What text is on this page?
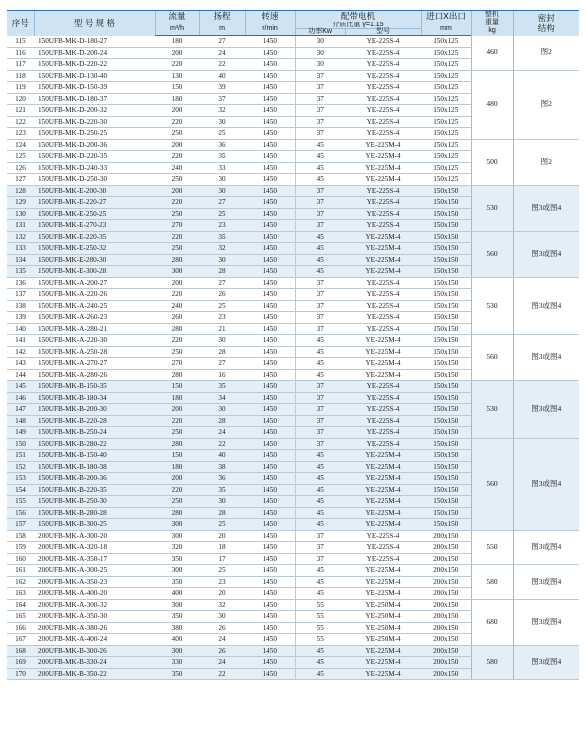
序号	型 号 规 格	流量	扬程	转速	配带电机		进口X出口	整机
重量
kg	密封
结构
		m³/h	m	r/min	介质比重 γ=1.15
功率Kw 型号		mm		
115	150UFB-MK-D-180-27	180	27	1450	30	YE-225S-4	150x125	460	图2
116	150UFB-MK-D-200-24	200	24	1450	30	YE-225S-4	150x125		
117	150UFB-MK-D-220-22	220	22	1450	30	YE-225S-4	150x125		
118	150UFB-MK-D-130-40	130	40	1450	37	YE-225S-4	150x125	480	图2
119	150UFB-MK-D-150-39	150	39	1450	37	YE-225S-4	150x125		
120	150UFB-MK-D-180-37	180	37	1450	37	YE-225S-4	150x125		
121	150UFB-MK-D-200-32	200	32	1450	37	YE-225S-4	150x125		
122	150UFB-MK-D-220-30	220	30	1450	37	YE-225S-4	150x125		
123	150UFB-MK-D-250-25	250	25	1450	37	YE-225S-4	150x125		
124	150UFB-MK-D-200-36	200	36	1450	45	YE-225M-4	150x125	500	图2
125	150UFB-MK-D-220-35	220	35	1450	45	YE-225M-4	150x125		
126	150UFB-MK-D-240-33	240	33	1450	45	YE-225M-4	150x125		
127	150UFB-MK-D-250-30	250	30	1450	45	YE-225M-4	150x125		
128	150UFB-MK-E-200-30	200	30	1450	37	YE-225S-4	150x150	530	图3或图4
129	150UFB-MK-E-220-27	220	27	1450	37	YE-225S-4	150x150		
130	150UFB-MK-E-250-25	250	25	1450	37	YE-225S-4	150x150		
131	150UFB-MK-E-270-23	270	23	1450	37	YE-225S-4	150x150		
132	150UFB-MK-E-220-35	220	35	1450	45	YE-225M-4	150x150	560	图3或图4
133	150UFB-MK-E-250-32	250	32	1450	45	YE-225M-4	150x150		
134	150UFB-MK-E-280-30	280	30	1450	45	YE-225M-4	150x150		
135	150UFB-MK-E-300-28	300	28	1450	45	YE-225M-4	150x150		
136	150UFB-MK-A-200-27	200	27	1450	37	YE-225S-4	150x150	530	图3或图4
137	150UFB-MK-A-220-26	220	26	1450	37	YE-225S-4	150x150		
138	150UFB-MK-A-240-25	240	25	1450	37	YE-225S-4	150x150		
139	150UFB-MK-A-260-23	260	23	1450	37	YE-225S-4	150x150		
140	150UFB-MK-A-280-21	280	21	1450	37	YE-225S-4	150x150		
141	150UFB-MK-A-220-30	220	30	1450	45	YE-225M-4	150x150	560	图3或图4
142	150UFB-MK-A-250-28	250	28	1450	45	YE-225M-4	150x150		
143	150UFB-MK-A-270-27	270	27	1450	45	YE-225M-4	150x150		
144	150UFB-MK-A-280-26	280	16	1450	45	YE-225M-4	150x150		
145	150UFB-MK-B-150-35	150	35	1450	37	YE-225S-4	150x150	530	图3或图4
146	150UFB-MK-B-180-34	180	34	1450	37	YE-225S-4	150x150		
147	150UFB-MK-B-200-30	200	30	1450	37	YE-225S-4	150x150		
148	150UFB-MK-B-220-28	220	28	1450	37	YE-225S-4	150x150		
149	150UFB-MK-B-250-24	250	24	1450	37	YE-225S-4	150x150		
150	150UFB-MK-B-280-22	280	22	1450	37	YE-225S-4	150x150	560	图3或图4
151	150UFB-MK-B-150-40	150	40	1450	45	YE-225M-4	150x150		
152	150UFB-MK-B-180-38	180	38	1450	45	YE-225M-4	150x150		
153	150UFB-MK-B-200-36	200	36	1450	45	YE-225M-4	150x150		
154	150UFB-MK-B-220-35	220	35	1450	45	YE-225M-4	150x150		
155	150UFB-MK-B-250-30	250	30	1450	45	YE-225M-4	150x150		
156	150UFB-MK-B-280-28	280	28	1450	45	YE-225M-4	150x150		
157	150UFB-MK-B-300-25	300	25	1450	45	YE-225M-4	150x150		
158	200UFB-MK-A-300-20	300	20	1450	37	YE-225S-4	200x150	550	图3或图4
159	200UFB-MK-A-320-18	320	18	1450	37	YE-225S-4	200x150		
160	200UFB-MK-A-350-17	350	17	1450	37	YE-225S-4	200x150		
161	200UFB-MK-A-300-25	300	25	1450	45	YE-225M-4	200x150	580	图3或图4
162	200UFB-MK-A-350-23	350	23	1450	45	YE-225M-4	200x150		
163	200UFB-MK-A-400-20	400	20	1450	45	YE-225M-4	200x150		
164	200UFB-MK-A-300-32	300	32	1450	55	YE-250M-4	200x150	680	图3或图4
165	200UFB-MK-A-350-30	350	30	1450	55	YE-250M-4	200x150		
166	200UFB-MK-A-380-26	380	26	1450	55	YE-250M-4	200x150		
167	200UFB-MK-A-400-24	400	24	1450	55	YE-250M-4	200x150		
168	200UFB-MK-B-300-26	300	26	1450	45	YE-225M-4	200x150	580	图3或图4
169	200UFB-MK-B-330-24	330	24	1450	45	YE-225M-4	200x150		
170	200UFB-MK-B-350-22	350	22	1450	45	YE-225M-4	200x150		
